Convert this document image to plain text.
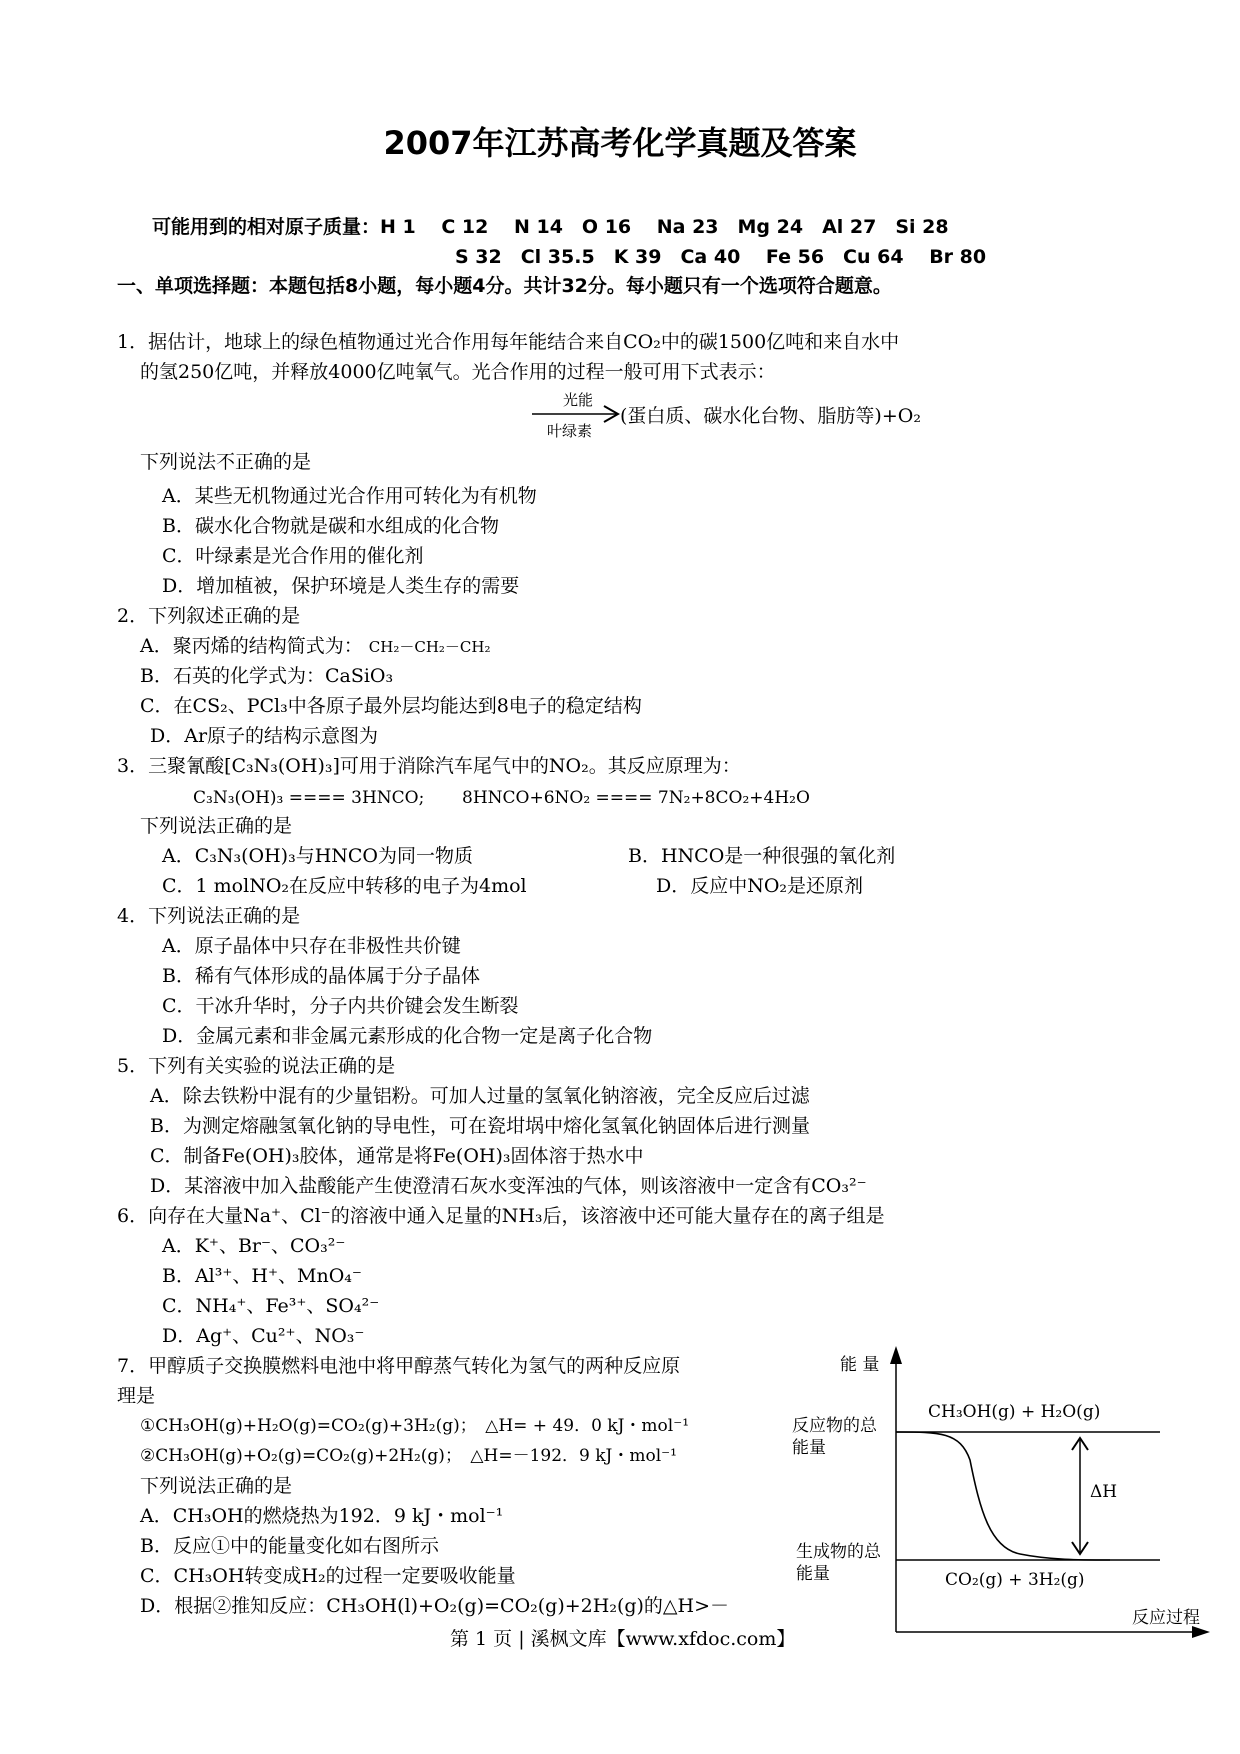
2007年江苏高考化学真题及答案
可能用到的相对原子质量：H 1　 C 12　 N 14　O 16　 Na 23　Mg 24　Al 27　Si 28
S 32　Cl 35.5　K 39　Ca 40　 Fe 56　Cu 64　 Br 80
一、单项选择题：本题包括8小题，每小题4分。共计32分。每小题只有一个选项符合题意。
1．据估计，地球上的绿色植物通过光合作用每年能结合来自CO₂中的碳1500亿吨和来自水中
的氢250亿吨，并释放4000亿吨氧气。光合作用的过程一般可用下式表示：
光能
叶绿素
(蛋白质、碳水化台物、脂肪等)+O₂
下列说法不正确的是
A．某些无机物通过光合作用可转化为有机物
B．碳水化合物就是碳和水组成的化合物
C．叶绿素是光合作用的催化剂
D．增加植被，保护环境是人类生存的需要
2．下列叙述正确的是
A．聚丙烯的结构简式为： CH₂－CH₂－CH₂
B．石英的化学式为：CaSiO₃
C．在CS₂、PCl₃中各原子最外层均能达到8电子的稳定结构
D．Ar原子的结构示意图为
3．三聚氰酸[C₃N₃(OH)₃]可用于消除汽车尾气中的NO₂。其反应原理为：
C₃N₃(OH)₃ ==== 3HNCO; 8HNCO+6NO₂ ==== 7N₂+8CO₂+4H₂O
下列说法正确的是
A．C₃N₃(OH)₃与HNCO为同一物质	B．HNCO是一种很强的氧化剂
C．1 molNO₂在反应中转移的电子为4mol	D．反应中NO₂是还原剂
4．下列说法正确的是
A．原子晶体中只存在非极性共价键
B．稀有气体形成的晶体属于分子晶体
C．干冰升华时，分子内共价键会发生断裂
D．金属元素和非金属元素形成的化合物一定是离子化合物
5．下列有关实验的说法正确的是
A．除去铁粉中混有的少量铝粉。可加人过量的氢氧化钠溶液，完全反应后过滤
B．为测定熔融氢氧化钠的导电性，可在瓷坩埚中熔化氢氧化钠固体后进行测量
C．制备Fe(OH)₃胶体，通常是将Fe(OH)₃固体溶于热水中
D．某溶液中加入盐酸能产生使澄清石灰水变浑浊的气体，则该溶液中一定含有CO₃²⁻
6．向存在大量Na⁺、Cl⁻的溶液中通入足量的NH₃后，该溶液中还可能大量存在的离子组是
A．K⁺、Br⁻、CO₃²⁻
B．Al³⁺、H⁺、MnO₄⁻
C．NH₄⁺、Fe³⁺、SO₄²⁻
D．Ag⁺、Cu²⁺、NO₃⁻
7．甲醇质子交换膜燃料电池中将甲醇蒸气转化为氢气的两种反应原
理是
①CH₃OH(g)+H₂O(g)=CO₂(g)+3H₂(g)；　△H= + 49．0 kJ・mol⁻¹
②CH₃OH(g)+O₂(g)=CO₂(g)+2H₂(g)；　△H=－192．9 kJ・mol⁻¹
下列说法正确的是
A．CH₃OH的燃烧热为192．9 kJ・mol⁻¹
B．反应①中的能量变化如右图所示
C．CH₃OH转变成H₂的过程一定要吸收能量
D．根据②推知反应：CH₃OH(l)+O₂(g)=CO₂(g)+2H₂(g)的△H>－
能 量
反应过程
反应物的总
能量
生成物的总
能量
CH₃OH(g) + H₂O(g)
CO₂(g) + 3H₂(g)
ΔH
第 1 页 | 溪枫文库【www.xfdoc.com】
